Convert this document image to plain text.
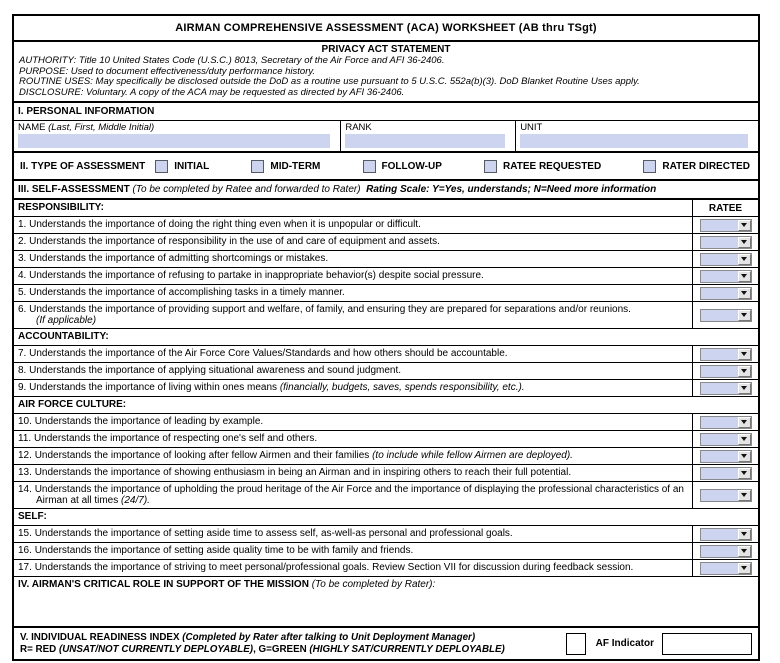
AIRMAN COMPREHENSIVE ASSESSMENT (ACA) WORKSHEET (AB thru TSgt)
PRIVACY ACT STATEMENT
AUTHORITY: Title 10 United States Code (U.S.C.) 8013, Secretary of the Air Force and AFI 36-2406.
PURPOSE: Used to document effectiveness/duty performance history.
ROUTINE USES: May specifically be disclosed outside the DoD as a routine use pursuant to 5 U.S.C. 552a(b)(3). DoD Blanket Routine Uses apply.
DISCLOSURE: Voluntary. A copy of the ACA may be requested as directed by AFI 36-2406.
I. PERSONAL INFORMATION
NAME (Last, First, Middle Initial)	RANK	UNIT
II. TYPE OF ASSESSMENT	INITIAL	MID-TERM	FOLLOW-UP	RATEE REQUESTED	RATER DIRECTED
III. SELF-ASSESSMENT (To be completed by Ratee and forwarded to Rater) Rating Scale: Y=Yes, understands; N=Need more information
RESPONSIBILITY:	RATEE
1. Understands the importance of doing the right thing even when it is unpopular or difficult.
2. Understands the importance of responsibility in the use of and care of equipment and assets.
3. Understands the importance of admitting shortcomings or mistakes.
4. Understands the importance of refusing to partake in inappropriate behavior(s) despite social pressure.
5. Understands the importance of accomplishing tasks in a timely manner.
6. Understands the importance of providing support and welfare, of family, and ensuring they are prepared for separations and/or reunions.
(If applicable)
ACCOUNTABILITY:
7. Understands the importance of the Air Force Core Values/Standards and how others should be accountable.
8. Understands the importance of applying situational awareness and sound judgment.
9. Understands the importance of living within ones means (financially, budgets, saves, spends responsibility, etc.).
AIR FORCE CULTURE:
10. Understands the importance of leading by example.
11. Understands the importance of respecting one's self and others.
12. Understands the importance of looking after fellow Airmen and their families (to include while fellow Airmen are deployed).
13. Understands the importance of showing enthusiasm in being an Airman and in inspiring others to reach their full potential.
14. Understands the importance of upholding the proud heritage of the Air Force and the importance of displaying the professional characteristics of an Airman at all times (24/7).
SELF:
15. Understands the importance of setting aside time to assess self, as-well-as personal and professional goals.
16. Understands the importance of setting aside quality time to be with family and friends.
17. Understands the importance of striving to meet personal/professional goals. Review Section VII for discussion during feedback session.
IV. AIRMAN'S CRITICAL ROLE IN SUPPORT OF THE MISSION (To be completed by Rater):
V. INDIVIDUAL READINESS INDEX (Completed by Rater after talking to Unit Deployment Manager)
R= RED (UNSAT/NOT CURRENTLY DEPLOYABLE), G=GREEN (HIGHLY SAT/CURRENTLY DEPLOYABLE)	AF Indicator
